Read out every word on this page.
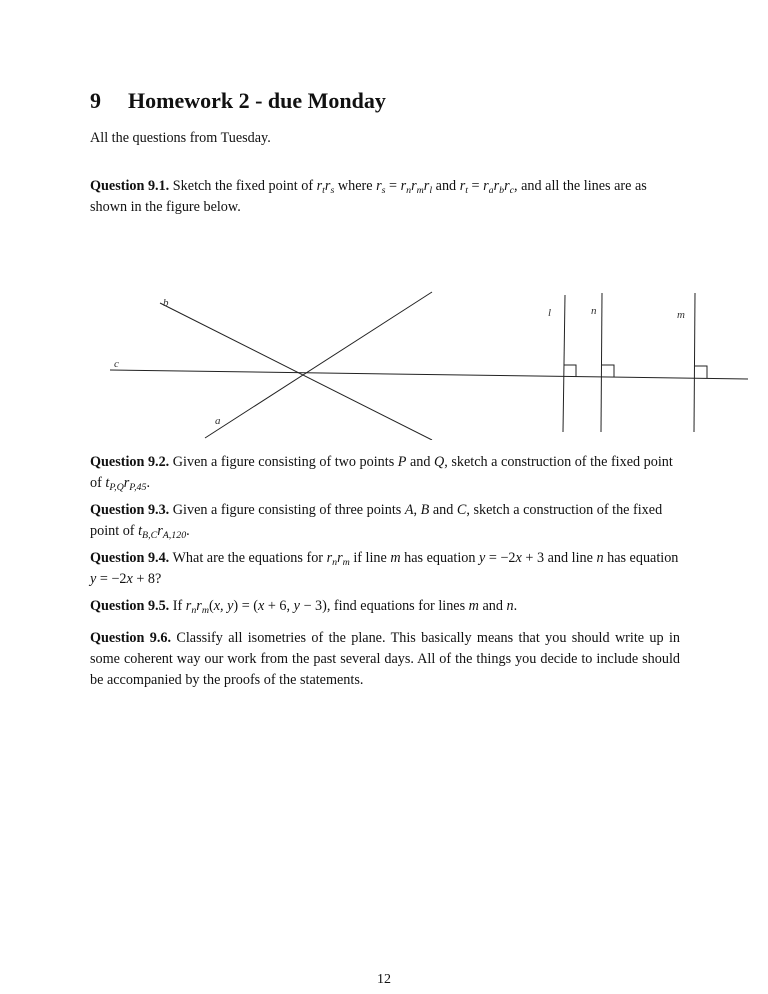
9 Homework 2 - due Monday
All the questions from Tuesday.
Question 9.1. Sketch the fixed point of $r_tr_s$ where $r_s = r_nr_mr_l$ and $r_t = r_ar_br_c$, and all the lines are as shown in the figure below.
b
c
a
l	n	m
Question 9.2. Given a figure consisting of two points P and Q, sketch a construction of the fixed point of $t_{P,Q}r_{P,45}$.
Question 9.3. Given a figure consisting of three points A, B and C, sketch a construction of the fixed point of $t_{B,C}r_{A,120}$.
Question 9.4. What are the equations for $r_nr_m$ if line m has equation y = −2x + 3 and line n has equation y = −2x + 8?
Question 9.5. If $r_nr_m(x$, y) = (x + 6, y − 3), find equations for lines m and n.
Question 9.6. Classify all isometries of the plane. This basically means that you should write up in some coherent way our work from the past several days. All of the things you decide to include should be accompanied by the proofs of the statements.
12
